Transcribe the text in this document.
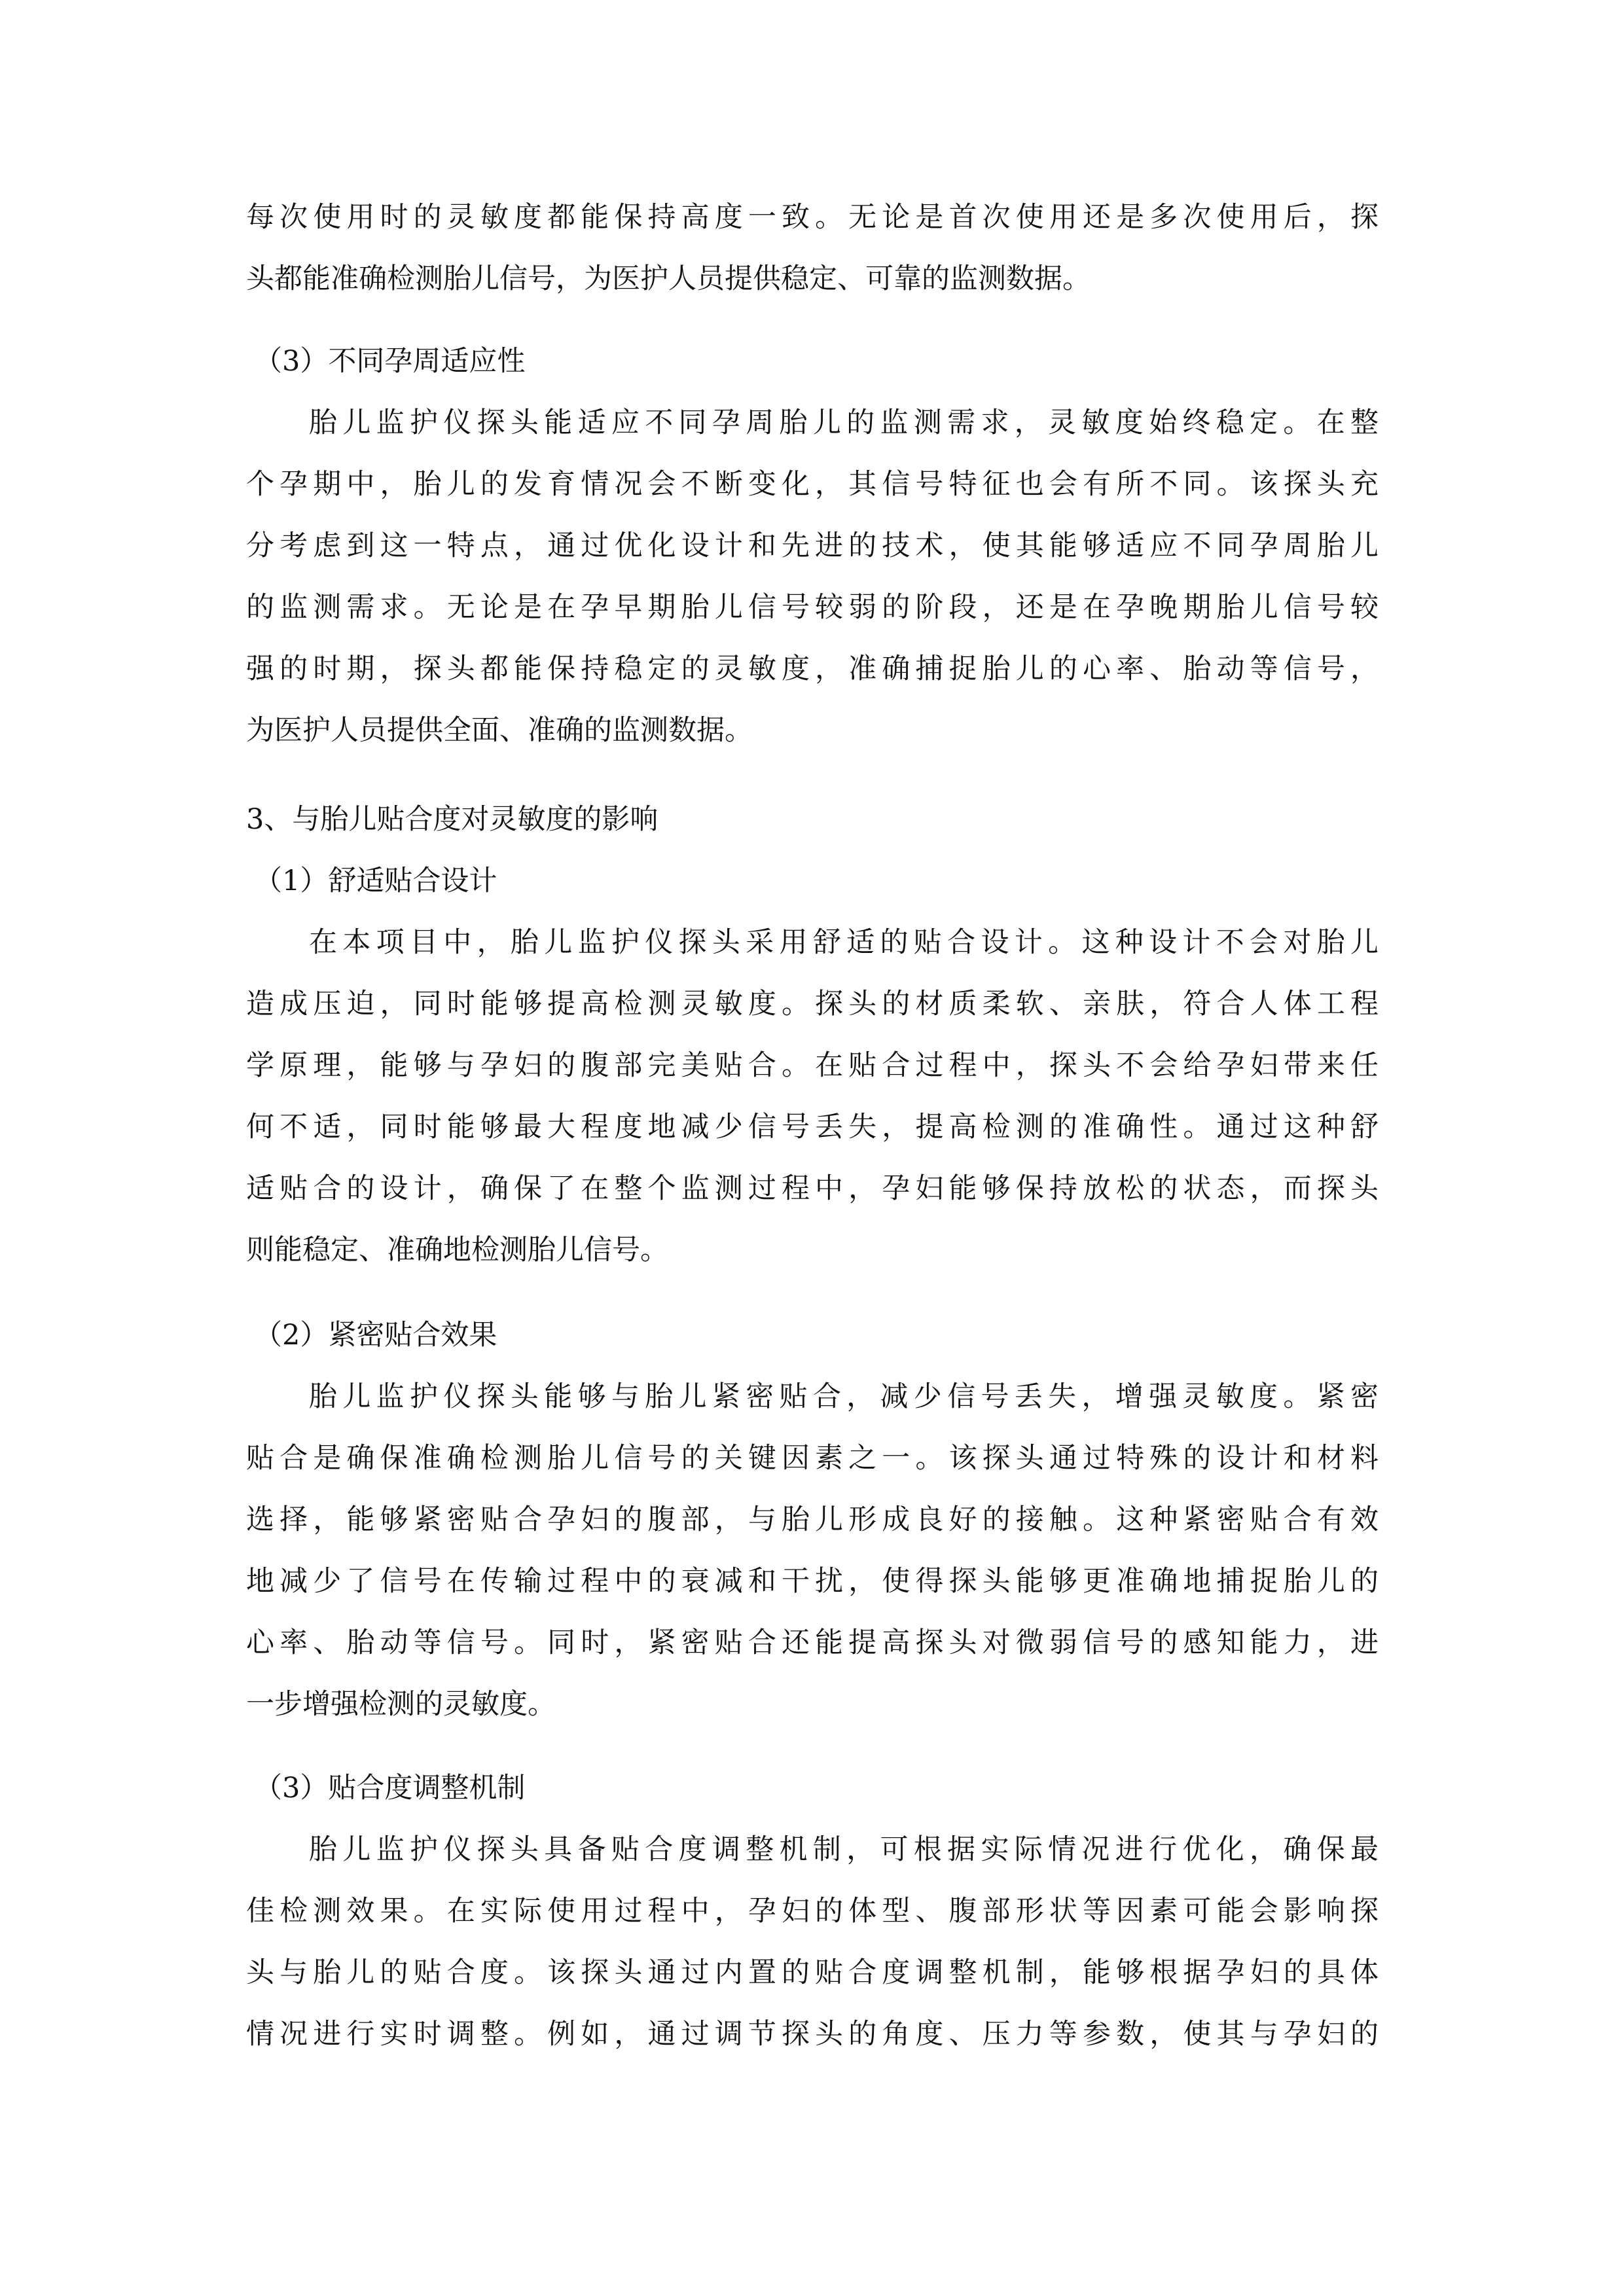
每次使用时的灵敏度都能保持高度一致。无论是首次使用还是多次使用后，探
头都能准确检测胎儿信号，为医护人员提供稳定、可靠的监测数据。
（3）不同孕周适应性
胎儿监护仪探头能适应不同孕周胎儿的监测需求，灵敏度始终稳定。在整
个孕期中，胎儿的发育情况会不断变化，其信号特征也会有所不同。该探头充
分考虑到这一特点，通过优化设计和先进的技术，使其能够适应不同孕周胎儿
的监测需求。无论是在孕早期胎儿信号较弱的阶段，还是在孕晚期胎儿信号较
强的时期，探头都能保持稳定的灵敏度，准确捕捉胎儿的心率、胎动等信号，
为医护人员提供全面、准确的监测数据。
3、与胎儿贴合度对灵敏度的影响
（1）舒适贴合设计
在本项目中，胎儿监护仪探头采用舒适的贴合设计。这种设计不会对胎儿
造成压迫，同时能够提高检测灵敏度。探头的材质柔软、亲肤，符合人体工程
学原理，能够与孕妇的腹部完美贴合。在贴合过程中，探头不会给孕妇带来任
何不适，同时能够最大程度地减少信号丢失，提高检测的准确性。通过这种舒
适贴合的设计，确保了在整个监测过程中，孕妇能够保持放松的状态，而探头
则能稳定、准确地检测胎儿信号。
（2）紧密贴合效果
胎儿监护仪探头能够与胎儿紧密贴合，减少信号丢失，增强灵敏度。紧密
贴合是确保准确检测胎儿信号的关键因素之一。该探头通过特殊的设计和材料
选择，能够紧密贴合孕妇的腹部，与胎儿形成良好的接触。这种紧密贴合有效
地减少了信号在传输过程中的衰减和干扰，使得探头能够更准确地捕捉胎儿的
心率、胎动等信号。同时，紧密贴合还能提高探头对微弱信号的感知能力，进
一步增强检测的灵敏度。
（3）贴合度调整机制
胎儿监护仪探头具备贴合度调整机制，可根据实际情况进行优化，确保最
佳检测效果。在实际使用过程中，孕妇的体型、腹部形状等因素可能会影响探
头与胎儿的贴合度。该探头通过内置的贴合度调整机制，能够根据孕妇的具体
情况进行实时调整。例如，通过调节探头的角度、压力等参数，使其与孕妇的
